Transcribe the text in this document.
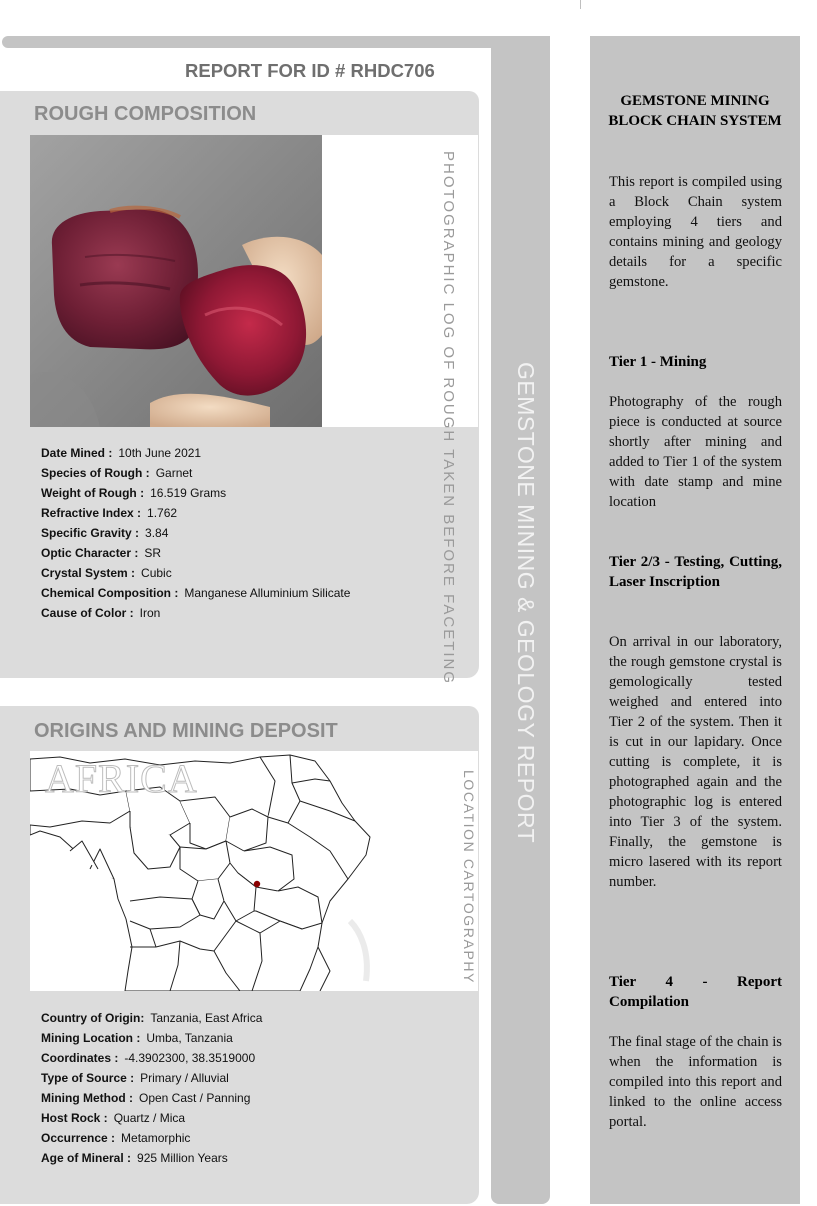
GEMSTONE MINING & GEOLOGY REPORT
REPORT FOR ID # RHDC706
ROUGH COMPOSITION
PHOTOGRAPHIC LOG OF ROUGH TAKEN BEFORE FACETING
Date Mined : 10th June 2021
Species of Rough : Garnet
Weight of Rough : 16.519 Grams
Refractive Index : 1.762
Specific Gravity : 3.84
Optic Character : SR
Crystal System : Cubic
Chemical Composition : Manganese Alluminium Silicate
Cause of Color : Iron
ORIGINS AND MINING DEPOSIT
AFRICA	LOCATION CARTOGRAPHY
Country of Origin: Tanzania, East Africa
Mining Location : Umba, Tanzania
Coordinates : -4.3902300, 38.3519000
Type of Source : Primary / Alluvial
Mining Method : Open Cast / Panning
Host Rock : Quartz / Mica
Occurrence : Metamorphic
Age of Mineral : 925 Million Years
GEMSTONE MINING BLOCK CHAIN SYSTEM
This report is compiled using a Block Chain system employing 4 tiers and contains mining and geology details for a specific gemstone.
Tier 1 - Mining
Photography of the rough piece is conducted at source shortly after mining and added to Tier 1 of the system with date stamp and mine location
Tier 2/3 - Testing, Cutting, Laser Inscription
On arrival in our laboratory, the rough gemstone crystal is gemologically tested weighed and entered into Tier 2 of the system. Then it is cut in our lapidary. Once cutting is complete, it is photographed again and the photographic log is entered into Tier 3 of the system. Finally, the gemstone is micro lasered with its report number.
Tier 4 - Report Compilation
The final stage of the chain is when the information is compiled into this report and linked to the online access portal.
